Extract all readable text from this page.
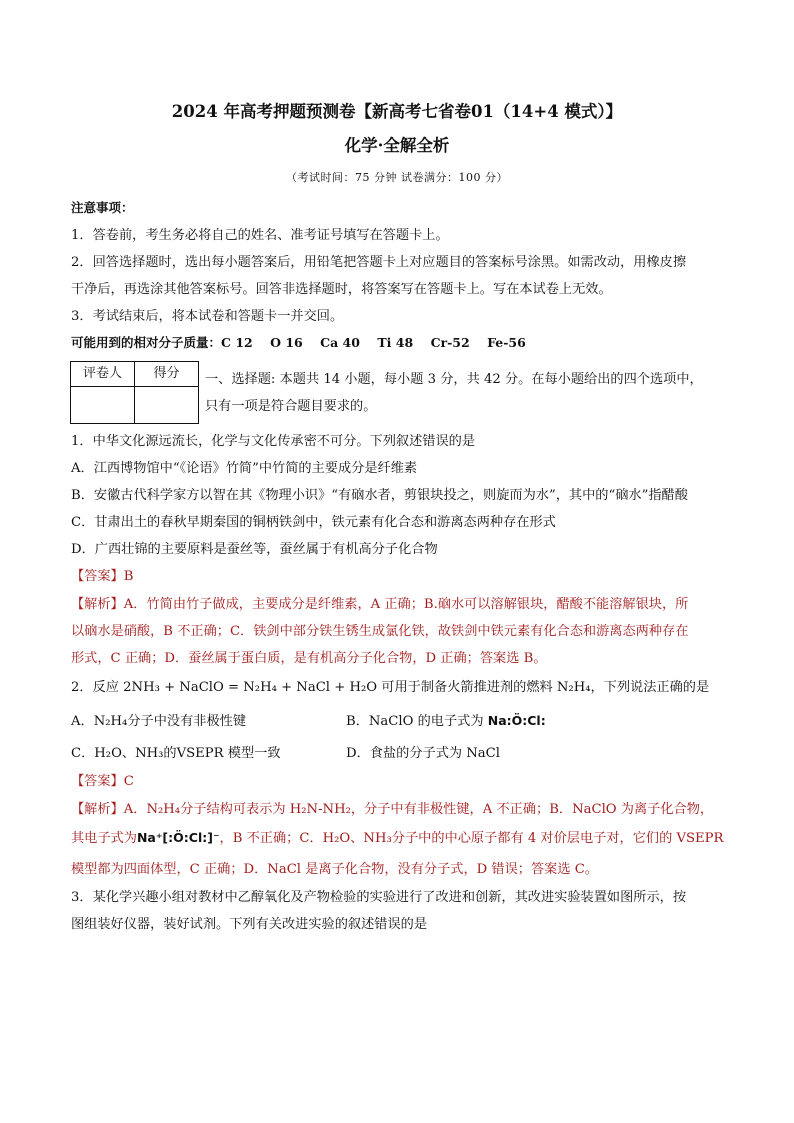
2024 年高考押题预测卷【新高考七省卷01（14+4 模式）】
化学·全解全析
（考试时间：75 分钟 试卷满分：100 分）
注意事项：
1．答卷前，考生务必将自己的姓名、准考证号填写在答题卡上。
2．回答选择题时，选出每小题答案后，用铅笔把答题卡上对应题目的答案标号涂黑。如需改动，用橡皮擦
干净后，再选涂其他答案标号。回答非选择题时，将答案写在答题卡上。写在本试卷上无效。
3．考试结束后，将本试卷和答题卡一并交回。
可能用到的相对分子质量：C 12    O 16    Ca 40    Ti 48    Cr-52    Fe-56
评卷人	得分
	一、选择题: 本题共 14 小题，每小题 3 分，共 42 分。在每小题给出的四个选项中，
只有一项是符合题目要求的。
1．中华文化源远流长，化学与文化传承密不可分。下列叙述错误的是
A．江西博物馆中“《论语》竹简”中竹简的主要成分是纤维素
B．安徽古代科学家方以智在其《物理小识》“有硇水者，剪银块投之，则旋而为水”，其中的“硇水”指醋酸
C．甘肃出土的春秋早期秦国的铜柄铁剑中，铁元素有化合态和游离态两种存在形式
D．广西壮锦的主要原料是蚕丝等，蚕丝属于有机高分子化合物
【答案】B
【解析】A．竹简由竹子做成，主要成分是纤维素，A 正确；B.硇水可以溶解银块，醋酸不能溶解银块，所
以硇水是硝酸，B 不正确；C．铁剑中部分铁生锈生成氯化铁，故铁剑中铁元素有化合态和游离态两种存在
形式，C 正确；D．蚕丝属于蛋白质，是有机高分子化合物，D 正确；答案选 B。
2．反应 2NH₃ + NaClO = N₂H₄ + NaCl + H₂O 可用于制备火箭推进剂的燃料 N₂H₄，下列说法正确的是
A．N₂H₄分子中没有非极性键	B．NaClO 的电子式为 Na:Ö:Cl:
C．H₂O、NH₃的VSEPR 模型一致	D．食盐的分子式为 NaCl
【答案】C
【解析】A．N₂H₄分子结构可表示为 H₂N-NH₂，分子中有非极性键，A 不正确；B．NaClO 为离子化合物，
其电子式为Na⁺[:Ö:Cl:]⁻，B 不正确；C．H₂O、NH₃分子中的中心原子都有 4 对价层电子对，它们的 VSEPR
模型都为四面体型，C 正确；D．NaCl 是离子化合物，没有分子式，D 错误；答案选 C。
3．某化学兴趣小组对教材中乙醇氧化及产物检验的实验进行了改进和创新，其改进实验装置如图所示，按
图组装好仪器，装好试剂。下列有关改进实验的叙述错误的是
